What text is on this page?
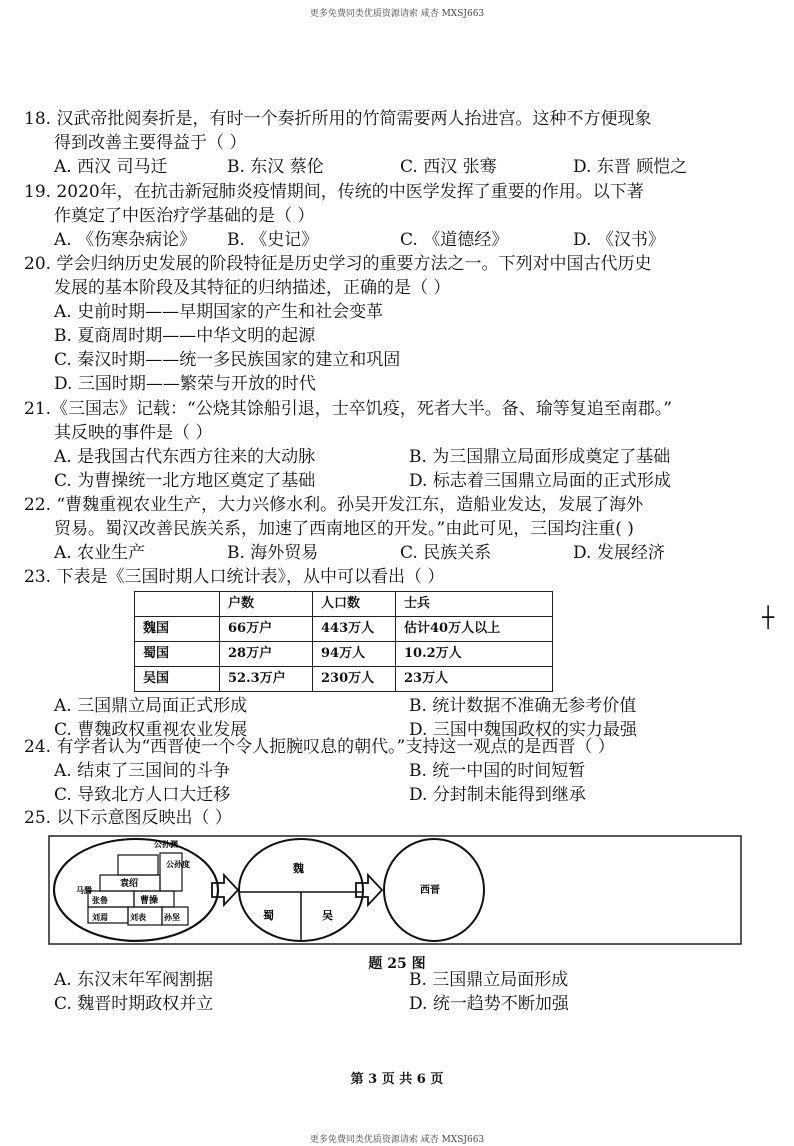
更多免费同类优质资源请索 咸杏 MXSJ663

18. 汉武帝批阅奏折是，有时一个奏折所用的竹简需要两人抬进宫。这种不方便现象

得到改善主要得益于（ ）

A. 西汉 司马迁	B. 东汉 蔡伦	C. 西汉 张骞	D. 东晋 顾恺之

19. 2020年，在抗击新冠肺炎疫情期间，传统的中医学发挥了重要的作用。以下著

作奠定了中医治疗学基础的是（ ）

A. 《伤寒杂病论》	B. 《史记》	C. 《道德经》	D. 《汉书》

20. 学会归纳历史发展的阶段特征是历史学习的重要方法之一。下列对中国古代历史

发展的基本阶段及其特征的归纳描述，正确的是（ ）

A. 史前时期——早期国家的产生和社会变革

B. 夏商周时期——中华文明的起源

C. 秦汉时期——统一多民族国家的建立和巩固

D. 三国时期——繁荣与开放的时代

21.《三国志》记载：“公烧其馀船引退，士卒饥疫，死者大半。备、瑜等复追至南郡。”

其反映的事件是（ ）

A. 是我国古代东西方往来的大动脉	B. 为三国鼎立局面形成奠定了基础
C. 为曹操统一北方地区奠定了基础	D. 标志着三国鼎立局面的正式形成

22. “曹魏重视农业生产，大力兴修水利。孙吴开发江东，造船业发达，发展了海外

贸易。蜀汉改善民族关系，加速了西南地区的开发。”由此可见，三国均注重( )

A. 农业生产	B. 海外贸易	C. 民族关系	D. 发展经济

23. 下表是《三国时期人口统计表》，从中可以看出（ ）

	户数	人口数	士兵
魏国	66万户	443万人	估计40万人以上
蜀国	28万户	94万人	10.2万人
吴国	52.3万户	230万人	23万人
A. 三国鼎立局面正式形成	B. 统计数据不准确无参考价值
C. 曹魏政权重视农业发展	D. 三国中魏国政权的实力最强

24. 有学者认为“西晋使一个令人扼腕叹息的朝代。”支持这一观点的是西晋（ ）

A. 结束了三国间的斗争	B. 统一中国的时间短暂
C. 导致北方人口大迁移	D. 分封制未能得到继承

25. 以下示意图反映出（ ）

公孙渊
公孙度
袁绍
曹操
刘表 孙坚
刘焉
张鲁
马腾
魏
蜀	吴
西晋
题 25 图
A. 东汉末年军阀割据	B. 三国鼎立局面形成
C. 魏晋时期政权并立	D. 统一趋势不断加强
┼
第 3 页 共 6 页
更多免费同类优质资源请索 咸杏 MXSJ663
